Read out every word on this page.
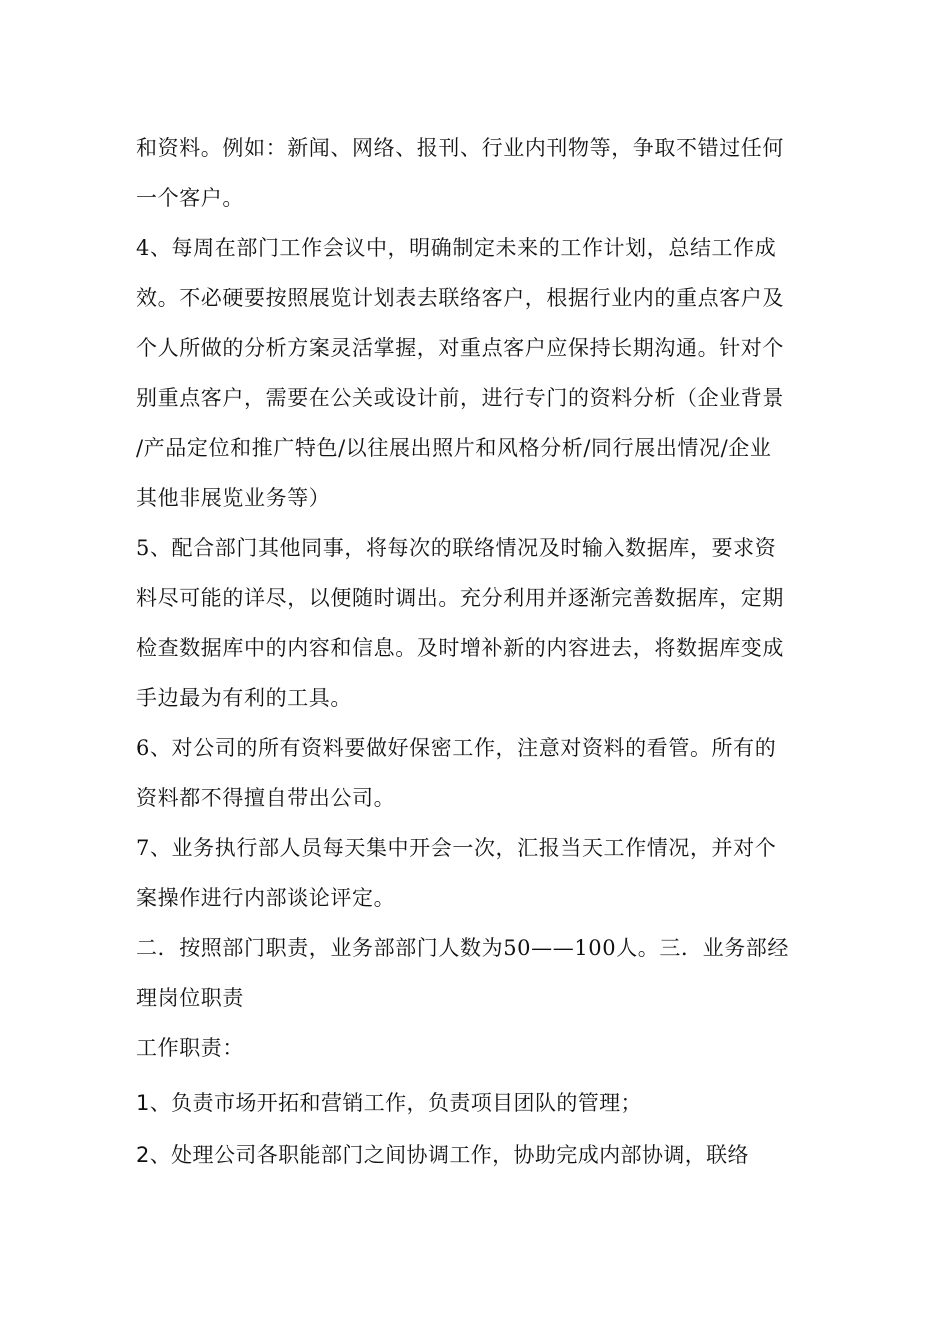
和资料。例如：新闻、网络、报刊、行业内刊物等，争取不错过任何
一个客户。
4、每周在部门工作会议中，明确制定未来的工作计划，总结工作成
效。不必硬要按照展览计划表去联络客户，根据行业内的重点客户及
个人所做的分析方案灵活掌握，对重点客户应保持长期沟通。针对个
别重点客户，需要在公关或设计前，进行专门的资料分析（企业背景
/产品定位和推广特色/以往展出照片和风格分析/同行展出情况/企业
其他非展览业务等）
5、配合部门其他同事，将每次的联络情况及时输入数据库，要求资
料尽可能的详尽，以便随时调出。充分利用并逐渐完善数据库，定期
检查数据库中的内容和信息。及时增补新的内容进去，将数据库变成
手边最为有利的工具。
6、对公司的所有资料要做好保密工作，注意对资料的看管。所有的
资料都不得擅自带出公司。
7、业务执行部人员每天集中开会一次，汇报当天工作情况，并对个
案操作进行内部谈论评定。
二．按照部门职责，业务部部门人数为50——100人。三．业务部经
理岗位职责
工作职责：
1、负责市场开拓和营销工作，负责项目团队的管理；
2、处理公司各职能部门之间协调工作，协助完成内部协调，联络
